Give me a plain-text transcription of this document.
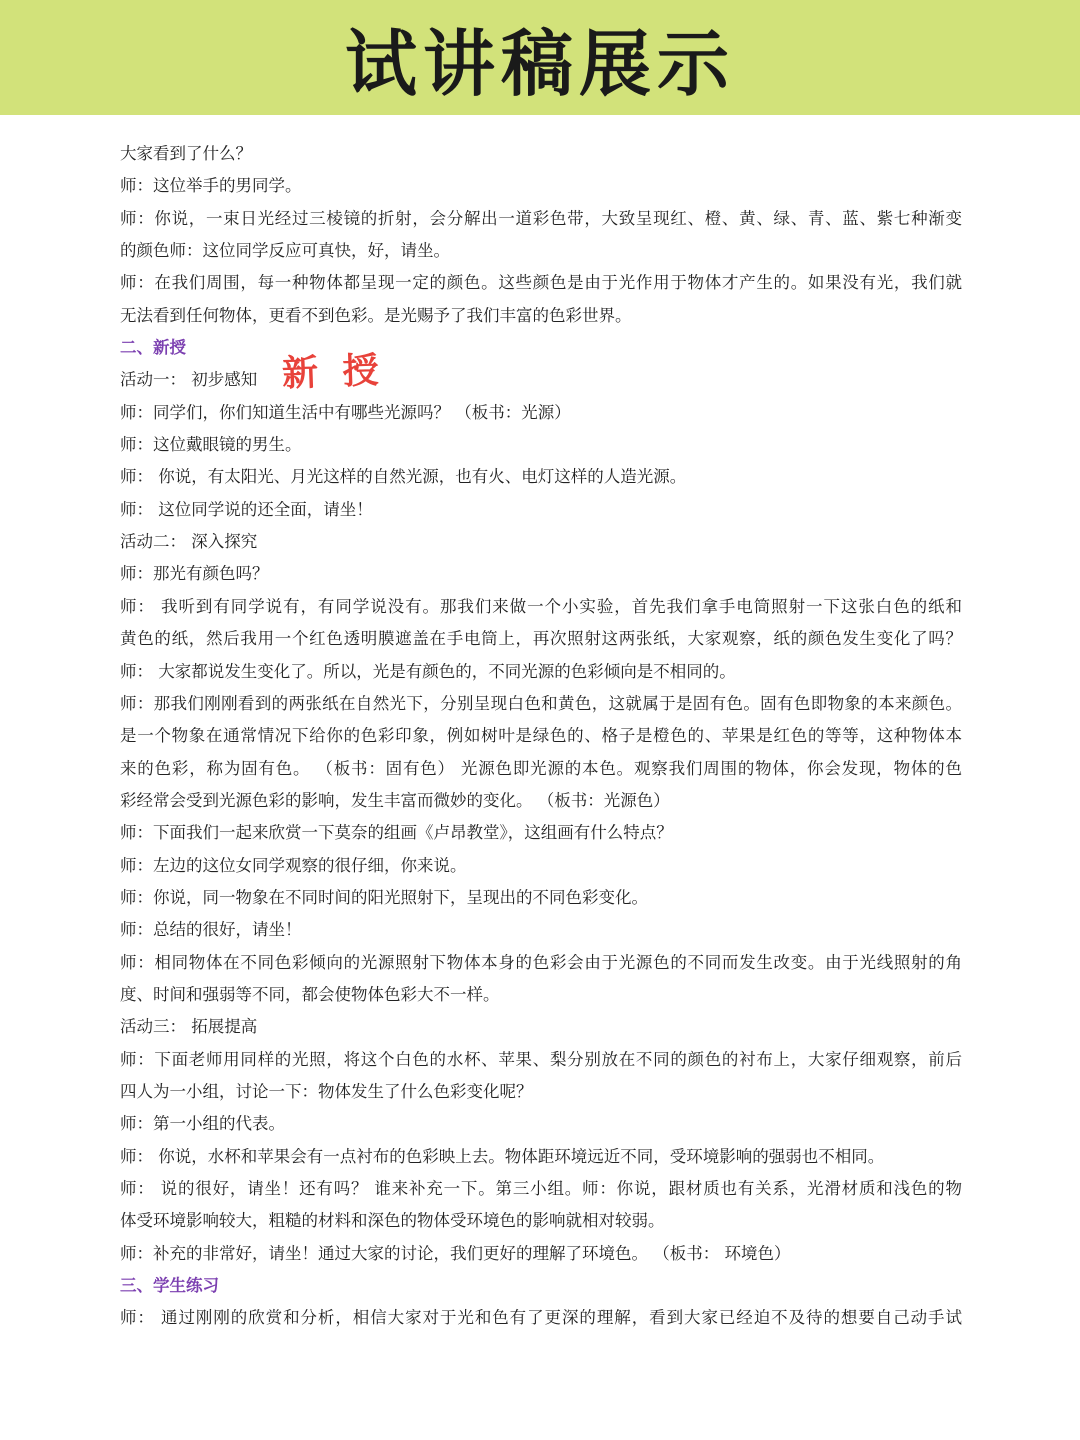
试讲稿展示
新 授
大家看到了什么？
师：这位举手的男同学。
师：你说，一束日光经过三棱镜的折射，会分解出一道彩色带，大致呈现红、橙、黄、绿、青、蓝、紫七种渐变
的颜色师：这位同学反应可真快，好，请坐。
师：在我们周围，每一种物体都呈现一定的颜色。这些颜色是由于光作用于物体才产生的。如果没有光，我们就
无法看到任何物体，更看不到色彩。是光赐予了我们丰富的色彩世界。
二、新授
活动一： 初步感知
师：同学们，你们知道生活中有哪些光源吗？ （板书：光源）
师：这位戴眼镜的男生。
师： 你说，有太阳光、月光这样的自然光源，也有火、电灯这样的人造光源。
师： 这位同学说的还全面，请坐！
活动二： 深入探究
师：那光有颜色吗？
师： 我听到有同学说有，有同学说没有。那我们来做一个小实验，首先我们拿手电筒照射一下这张白色的纸和
黄色的纸，然后我用一个红色透明膜遮盖在手电筒上，再次照射这两张纸，大家观察，纸的颜色发生变化了吗？
师： 大家都说发生变化了。所以，光是有颜色的，不同光源的色彩倾向是不相同的。
师：那我们刚刚看到的两张纸在自然光下，分别呈现白色和黄色，这就属于是固有色。固有色即物象的本来颜色。
是一个物象在通常情况下给你的色彩印象，例如树叶是绿色的、格子是橙色的、苹果是红色的等等，这种物体本
来的色彩，称为固有色。 （板书：固有色） 光源色即光源的本色。观察我们周围的物体，你会发现，物体的色
彩经常会受到光源色彩的影响，发生丰富而微妙的变化。 （板书：光源色）
师：下面我们一起来欣赏一下莫奈的组画《卢昂教堂》，这组画有什么特点？
师：左边的这位女同学观察的很仔细，你来说。
师：你说，同一物象在不同时间的阳光照射下，呈现出的不同色彩变化。
师：总结的很好，请坐！
师：相同物体在不同色彩倾向的光源照射下物体本身的色彩会由于光源色的不同而发生改变。由于光线照射的角
度、时间和强弱等不同，都会使物体色彩大不一样。
活动三： 拓展提高
师：下面老师用同样的光照，将这个白色的水杯、苹果、梨分别放在不同的颜色的衬布上，大家仔细观察，前后
四人为一小组，讨论一下：物体发生了什么色彩变化呢？
师：第一小组的代表。
师： 你说，水杯和苹果会有一点衬布的色彩映上去。物体距环境远近不同，受环境影响的强弱也不相同。
师： 说的很好，请坐！还有吗？ 谁来补充一下。第三小组。师：你说，跟材质也有关系，光滑材质和浅色的物
体受环境影响较大，粗糙的材料和深色的物体受环境色的影响就相对较弱。
师：补充的非常好，请坐！通过大家的讨论，我们更好的理解了环境色。 （板书： 环境色）
三、学生练习
师： 通过刚刚的欣赏和分析，相信大家对于光和色有了更深的理解，看到大家已经迫不及待的想要自己动手试
